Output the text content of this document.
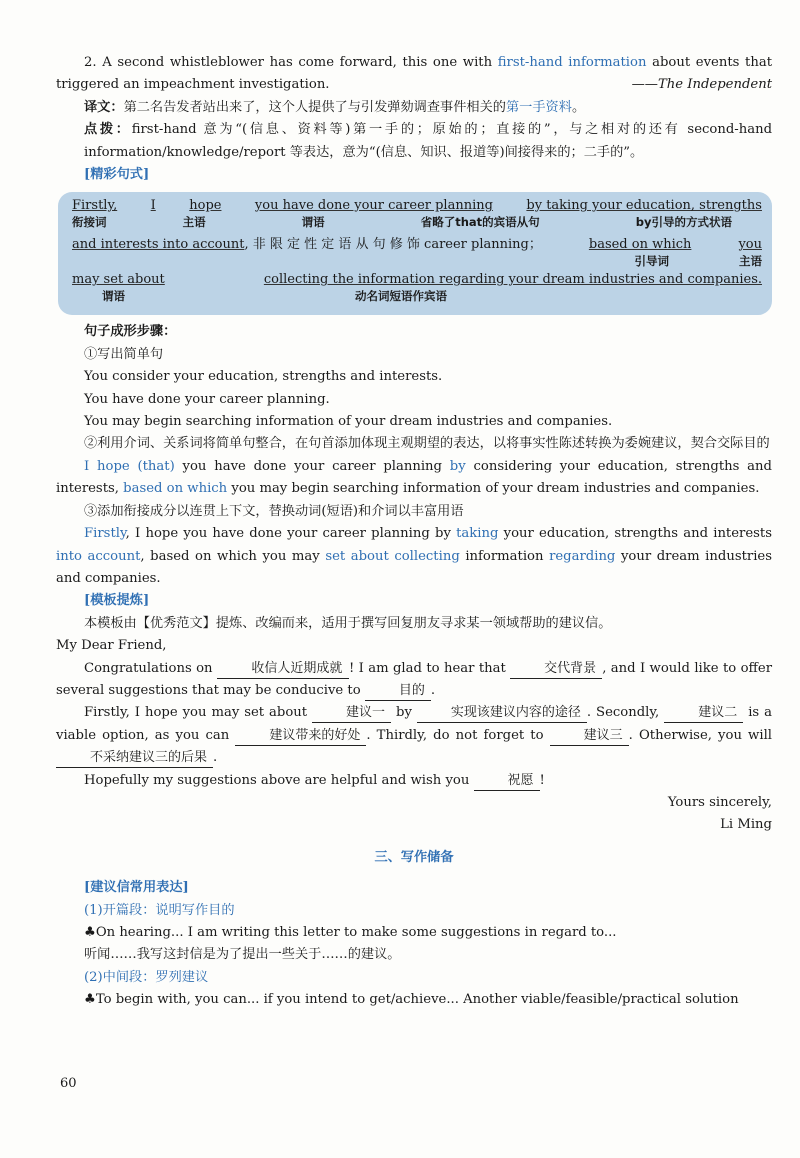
2. A second whistleblower has come forward, this one with first-hand information about events that triggered an impeachment investigation.	——The Independent

译文：第二名告发者站出来了，这个人提供了与引发弹劾调查事件相关的第一手资料。

点拨：first-hand 意为“(信息、资料等)第一手的；原始的；直接的”，与之相对的还有 second-hand information/knowledge/report 等表达，意为“(信息、知识、报道等)间接得来的；二手的”。

[精彩句式]

Firstly,	I	hope	you have done your career planning	by taking your education, strengths
衔接词	主语	谓语	省略了that的宾语从句	by引导的方式状语
and interests into account, 非 限 定 性 定 语 从 句 修 饰 career planning；	based on which	you
引导词	主语
may set about	collecting the information regarding your dream industries and companies.
谓语	动名词短语作宾语

句子成形步骤：

①写出简单句

You consider your education, strengths and interests.

You have done your career planning.

You may begin searching information of your dream industries and companies.

②利用介词、关系词将简单句整合，在句首添加体现主观期望的表达，以将事实性陈述转换为委婉建议，契合交际目的

I hope (that) you have done your career planning by considering your education, strengths and interests, based on which you may begin searching information of your dream industries and companies.

③添加衔接成分以连贯上下文，替换动词(短语)和介词以丰富用语

Firstly, I hope you have done your career planning by taking your education, strengths and interests into account, based on which you may set about collecting information regarding your dream industries and companies.

[模板提炼]

本模板由【优秀范文】提炼、改编而来，适用于撰写回复朋友寻求某一领域帮助的建议信。

My Dear Friend,

Congratulations on	收信人近期成就 ! I am glad to hear that	交代背景 , and I would like to offer several suggestions that may be conducive to	目的 .

Firstly, I hope you may set about	建议一 by	实现该建议内容的途径 . Secondly,	建议二 is a viable option, as you can	建议带来的好处 . Thirdly, do not forget to	建议三 . Otherwise, you will 不采纳建议三的后果 .

Hopefully my suggestions above are helpful and wish you	祝愿 !

Yours sincerely,

Li Ming

三、写作储备

[建议信常用表达]

(1)开篇段：说明写作目的

♣On hearing... I am writing this letter to make some suggestions in regard to...

听闻……我写这封信是为了提出一些关于……的建议。

(2)中间段：罗列建议

♣To begin with, you can... if you intend to get/achieve... Another viable/feasible/practical solution

60
